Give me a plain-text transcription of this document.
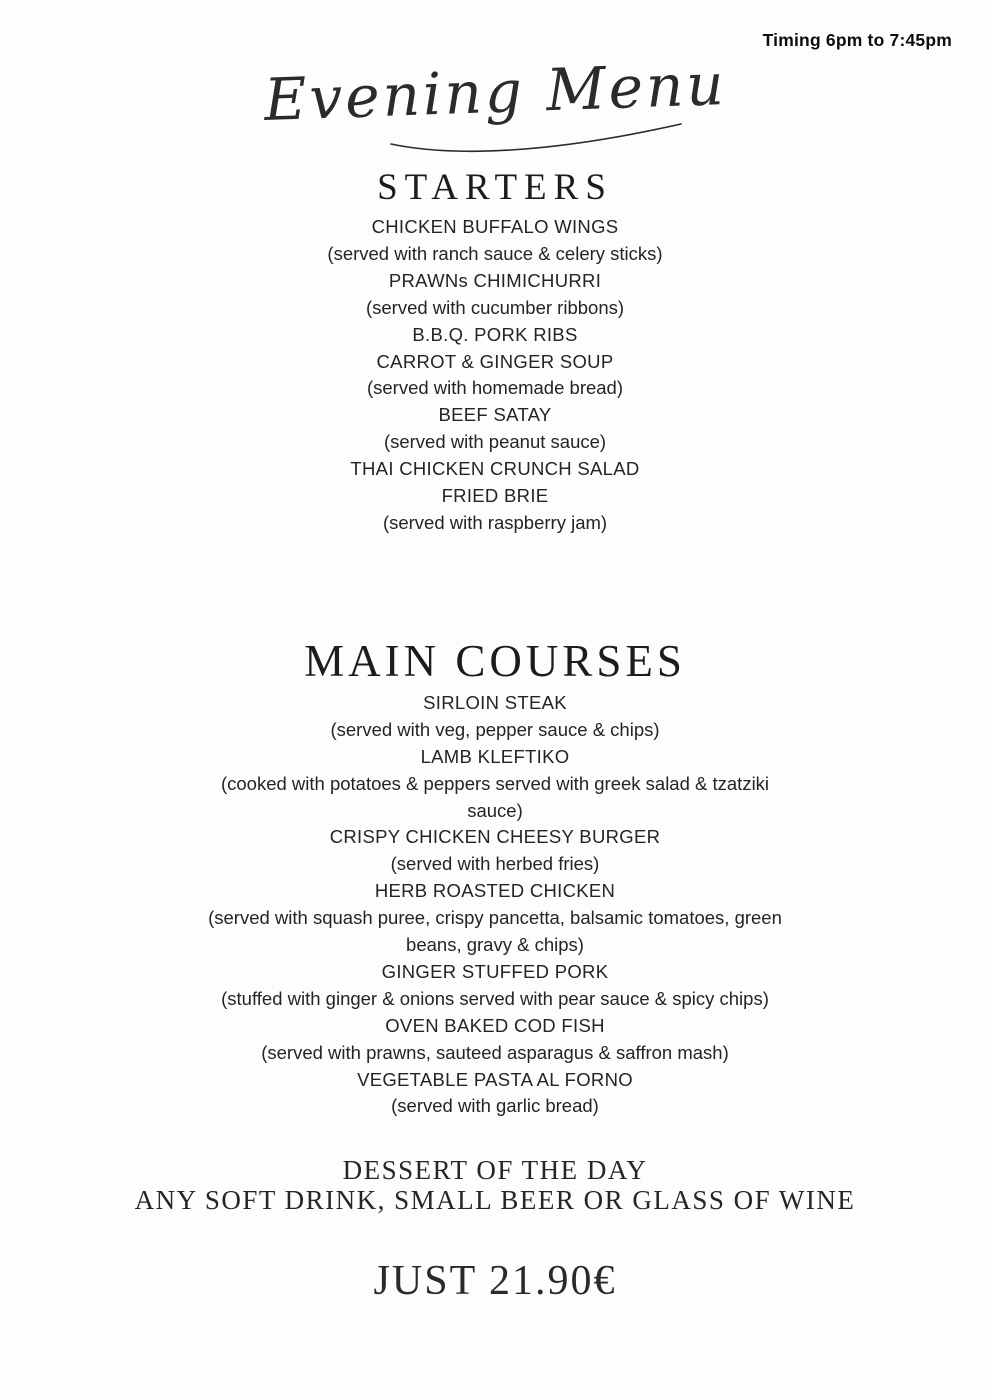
Timing 6pm to 7:45pm
Evening Menu
STARTERS
CHICKEN BUFFALO WINGS
(served with ranch sauce & celery sticks)
PRAWNs CHIMICHURRI
(served with cucumber ribbons)
B.B.Q. PORK RIBS
CARROT & GINGER SOUP
(served with homemade bread)
BEEF SATAY
(served with peanut sauce)
THAI CHICKEN CRUNCH SALAD
FRIED BRIE
(served with raspberry jam)
MAIN COURSES
SIRLOIN STEAK
(served with veg, pepper sauce & chips)
LAMB KLEFTIKO
(cooked with potatoes & peppers served with greek salad & tzatziki sauce)
CRISPY CHICKEN CHEESY BURGER
(served with herbed fries)
HERB ROASTED CHICKEN
(served with squash puree, crispy pancetta, balsamic tomatoes, green beans, gravy & chips)
GINGER STUFFED PORK
(stuffed with ginger & onions served with pear sauce & spicy chips)
OVEN BAKED COD FISH
(served with prawns, sauteed asparagus & saffron mash)
VEGETABLE PASTA AL FORNO
(served with garlic bread)
DESSERT OF THE DAY
ANY SOFT DRINK, SMALL BEER OR GLASS OF WINE
JUST 21.90€
